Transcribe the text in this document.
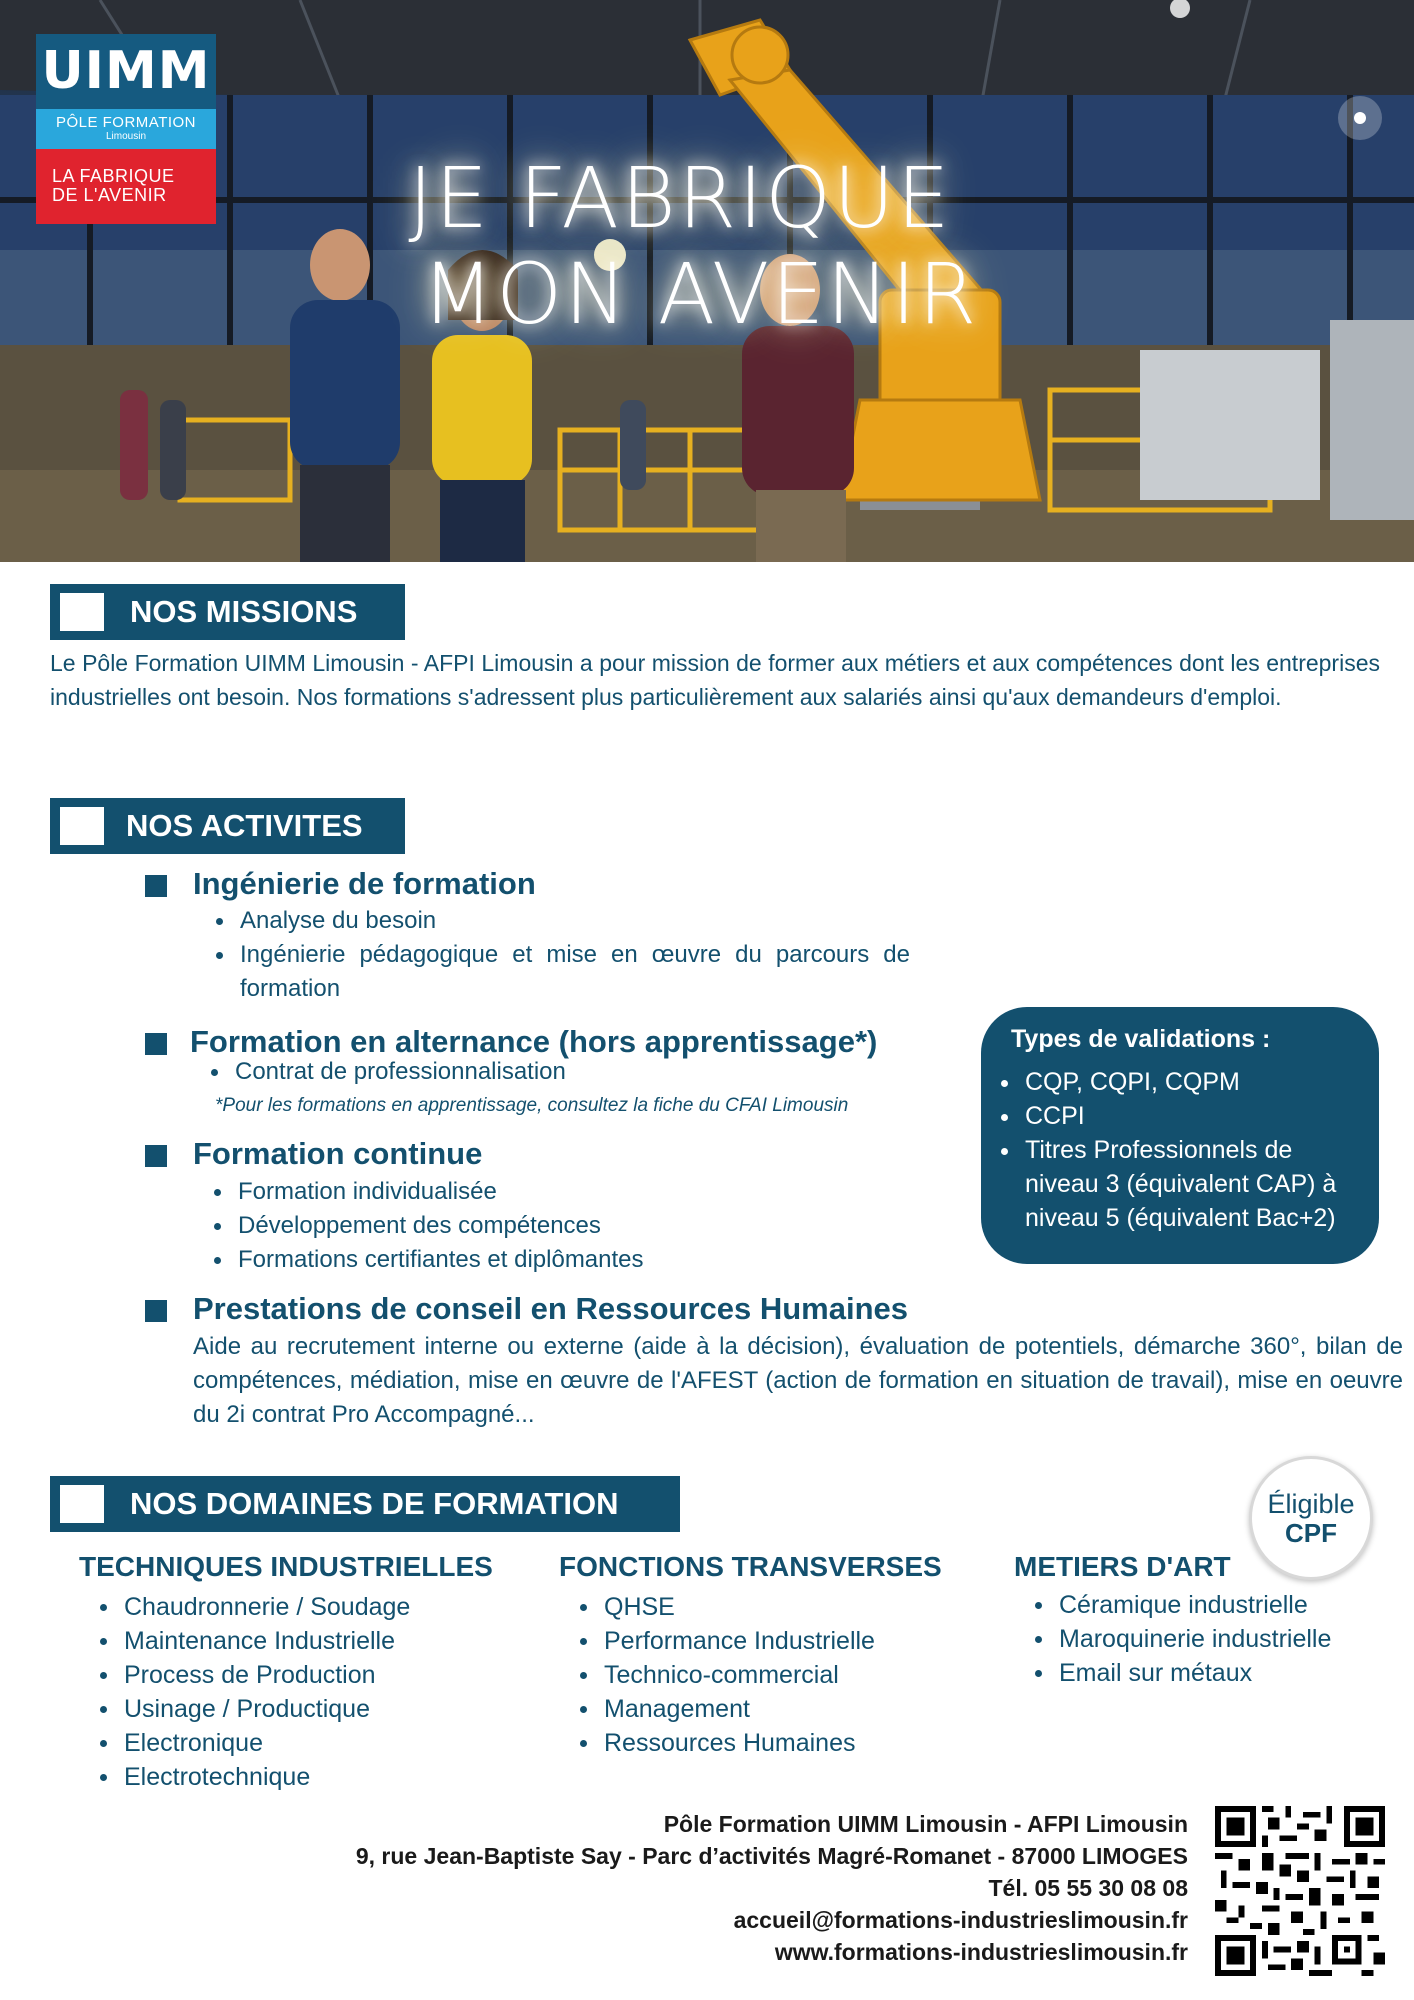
JE FABRIQUE
MON AVENIR
UIMM
PÔLE FORMATION
Limousin
LA FABRIQUE
DE L'AVENIR
NOS MISSIONS

Le Pôle Formation UIMM Limousin - AFPI Limousin a pour mission de former aux métiers et aux compétences dont les entreprises industrielles ont besoin. Nos formations s'adressent plus particulièrement aux salariés ainsi qu'aux demandeurs d'emploi.

NOS ACTIVITES
Ingénierie de formation
Analyse du besoin
Ingénierie pédagogique et mise en œuvre du parcours de formation
Formation en alternance (hors apprentissage*)
Contrat de professionnalisation
*Pour les formations en apprentissage, consultez la fiche du CFAI Limousin
Formation continue
Formation individualisée
Développement des compétences
Formations certifiantes et diplômantes
Prestations de conseil en Ressources Humaines

Aide au recrutement interne ou externe (aide à la décision), évaluation de potentiels, démarche 360°, bilan de compétences, médiation, mise en œuvre de l'AFEST (action de formation en situation de travail), mise en oeuvre du 2i contrat Pro Accompagné...

Types de validations :
CQP, CQPI, CQPM
CCPI
Titres Professionnels de niveau 3 (équivalent CAP) à niveau 5 (équivalent Bac+2)
NOS DOMAINES DE FORMATION	Éligible
CPF
TECHNIQUES INDUSTRIELLES
Chaudronnerie / Soudage
Maintenance Industrielle
Process de Production
Usinage / Productique
Electronique
Electrotechnique
FONCTIONS TRANSVERSES
QHSE
Performance Industrielle
Technico-commercial
Management
Ressources Humaines
METIERS D'ART
Céramique industrielle
Maroquinerie industrielle
Email sur métaux
Pôle Formation UIMM Limousin - AFPI Limousin
9, rue Jean-Baptiste Say - Parc d’activités Magré-Romanet - 87000 LIMOGES
Tél. 05 55 30 08 08
accueil@formations-industrieslimousin.fr
www.formations-industrieslimousin.fr
